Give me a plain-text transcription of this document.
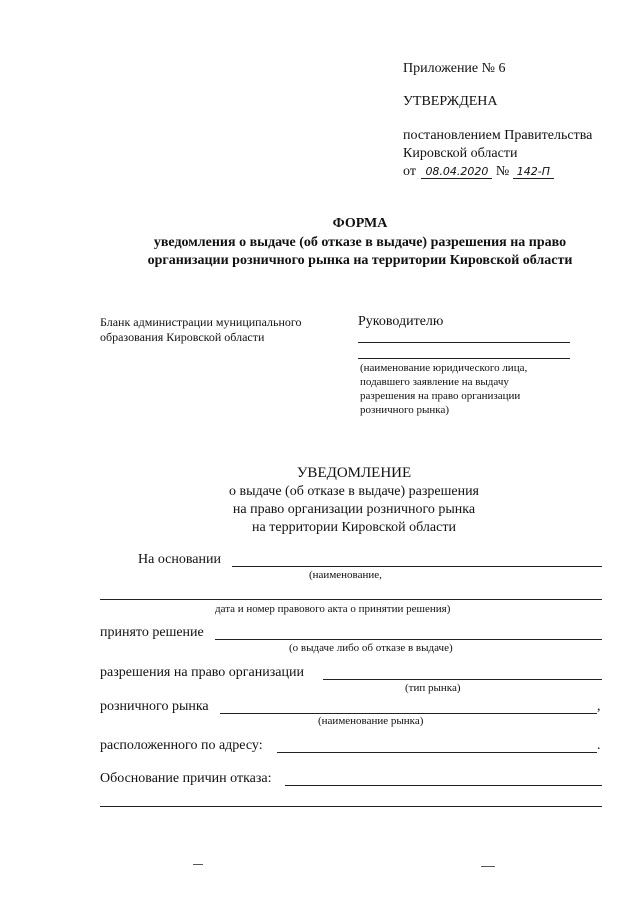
Приложение № 6
УТВЕРЖДЕНА
постановлением Правительства
Кировской области
от 08.04.2020 № 142-П
ФОРМА
уведомления о выдаче (об отказе в выдаче) разрешения на право
организации розничного рынка на территории Кировской области
Бланк администрации муниципального
образования Кировской области
Руководителю
(наименование юридического лица,
подавшего заявление на выдачу
разрешения на право организации
розничного рынка)
УВЕДОМЛЕНИЕ
о выдаче (об отказе в выдаче) разрешения
на право организации розничного рынка
на территории Кировской области
На основании
(наименование,
дата и номер правового акта о принятии решения)
принято решение
(о выдаче либо об отказе в выдаче)
разрешения на право организации
(тип рынка)
розничного рынка	,
(наименование рынка)
расположенного по адресу:	.
Обоснование причин отказа:
